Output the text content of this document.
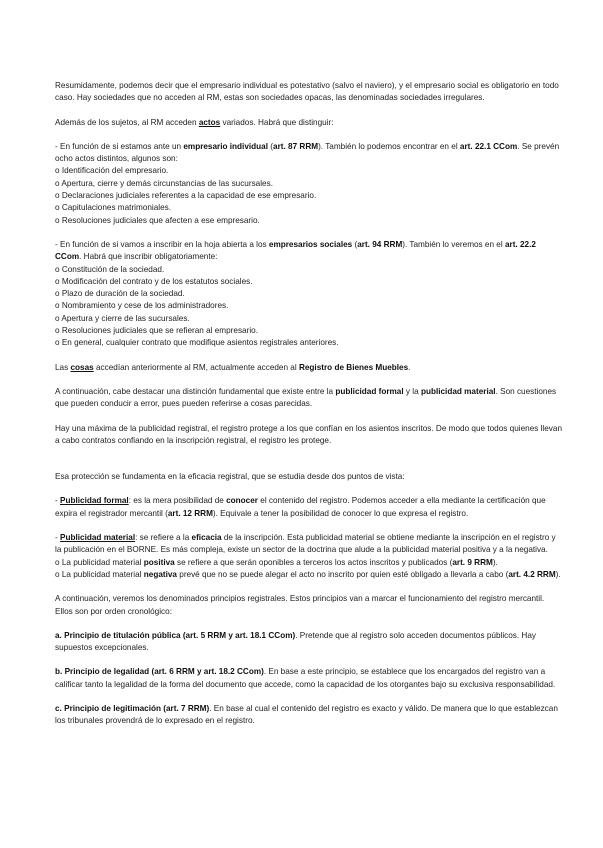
Resumidamente, podemos decir que el empresario individual es potestativo (salvo el naviero), y el empresario social es obligatorio en todo caso. Hay sociedades que no acceden al RM, estas son sociedades opacas, las denominadas sociedades irregulares.

Además de los sujetos, al RM acceden actos variados. Habrá que distinguir:

- En función de si estamos ante un empresario individual (art. 87 RRM). También lo podemos encontrar en el art. 22.1 CCom. Se prevén ocho actos distintos, algunos son:

o Identificación del empresario.

o Apertura, cierre y demás circunstancias de las sucursales.

o Declaraciones judiciales referentes a la capacidad de ese empresario.

o Capitulaciones matrimoniales.

o Resoluciones judiciales que afecten a ese empresario.

- En función de si vamos a inscribir en la hoja abierta a los empresarios sociales (art. 94 RRM). También lo veremos en el art. 22.2 CCom. Habrá que inscribir obligatoriamente:

o Constitución de la sociedad.

o Modificación del contrato y de los estatutos sociales.

o Plazo de duración de la sociedad.

o Nombramiento y cese de los administradores.

o Apertura y cierre de las sucursales.

o Resoluciones judiciales que se refieran al empresario.

o En general, cualquier contrato que modifique asientos registrales anteriores.

Las cosas accedían anteriormente al RM, actualmente acceden al Registro de Bienes Muebles.

A continuación, cabe destacar una distinción fundamental que existe entre la publicidad formal y la publicidad material. Son cuestiones que pueden conducir a error, pues pueden referirse a cosas parecidas.

Hay una máxima de la publicidad registral, el registro protege a los que confían en los asientos inscritos. De modo que todos quienes llevan a cabo contratos confiando en la inscripción registral, el registro les protege.

Esa protección se fundamenta en la eficacia registral, que se estudia desde dos puntos de vista:

- Publicidad formal: es la mera posibilidad de conocer el contenido del registro. Podemos acceder a ella mediante la certificación que expira el registrador mercantil (art. 12 RRM). Equivale a tener la posibilidad de conocer lo que expresa el registro.

- Publicidad material: se refiere a la eficacia de la inscripción. Esta publicidad material se obtiene mediante la inscripción en el registro y la publicación en el BORNE. Es más compleja, existe un sector de la doctrina que alude a la publicidad material positiva y a la negativa.

o La publicidad material positiva se refiere a que serán oponibles a terceros los actos inscritos y publicados (art. 9 RRM).

o La publicidad material negativa prevé que no se puede alegar el acto no inscrito por quien esté obligado a llevarla a cabo (art. 4.2 RRM).

A continuación, veremos los denominados principios registrales. Estos principios van a marcar el funcionamiento del registro mercantil. Ellos son por orden cronológico:

a. Principio de titulación pública (art. 5 RRM y art. 18.1 CCom). Pretende que al registro solo acceden documentos públicos. Hay supuestos excepcionales.

b. Principio de legalidad (art. 6 RRM y art. 18.2 CCom). En base a este principio, se establece que los encargados del registro van a calificar tanto la legalidad de la forma del documento que accede, como la capacidad de los otorgantes bajo su exclusiva responsabilidad.

c. Principio de legitimación (art. 7 RRM). En base al cual el contenido del registro es exacto y válido. De manera que lo que establezcan los tribunales provendrá de lo expresado en el registro.
